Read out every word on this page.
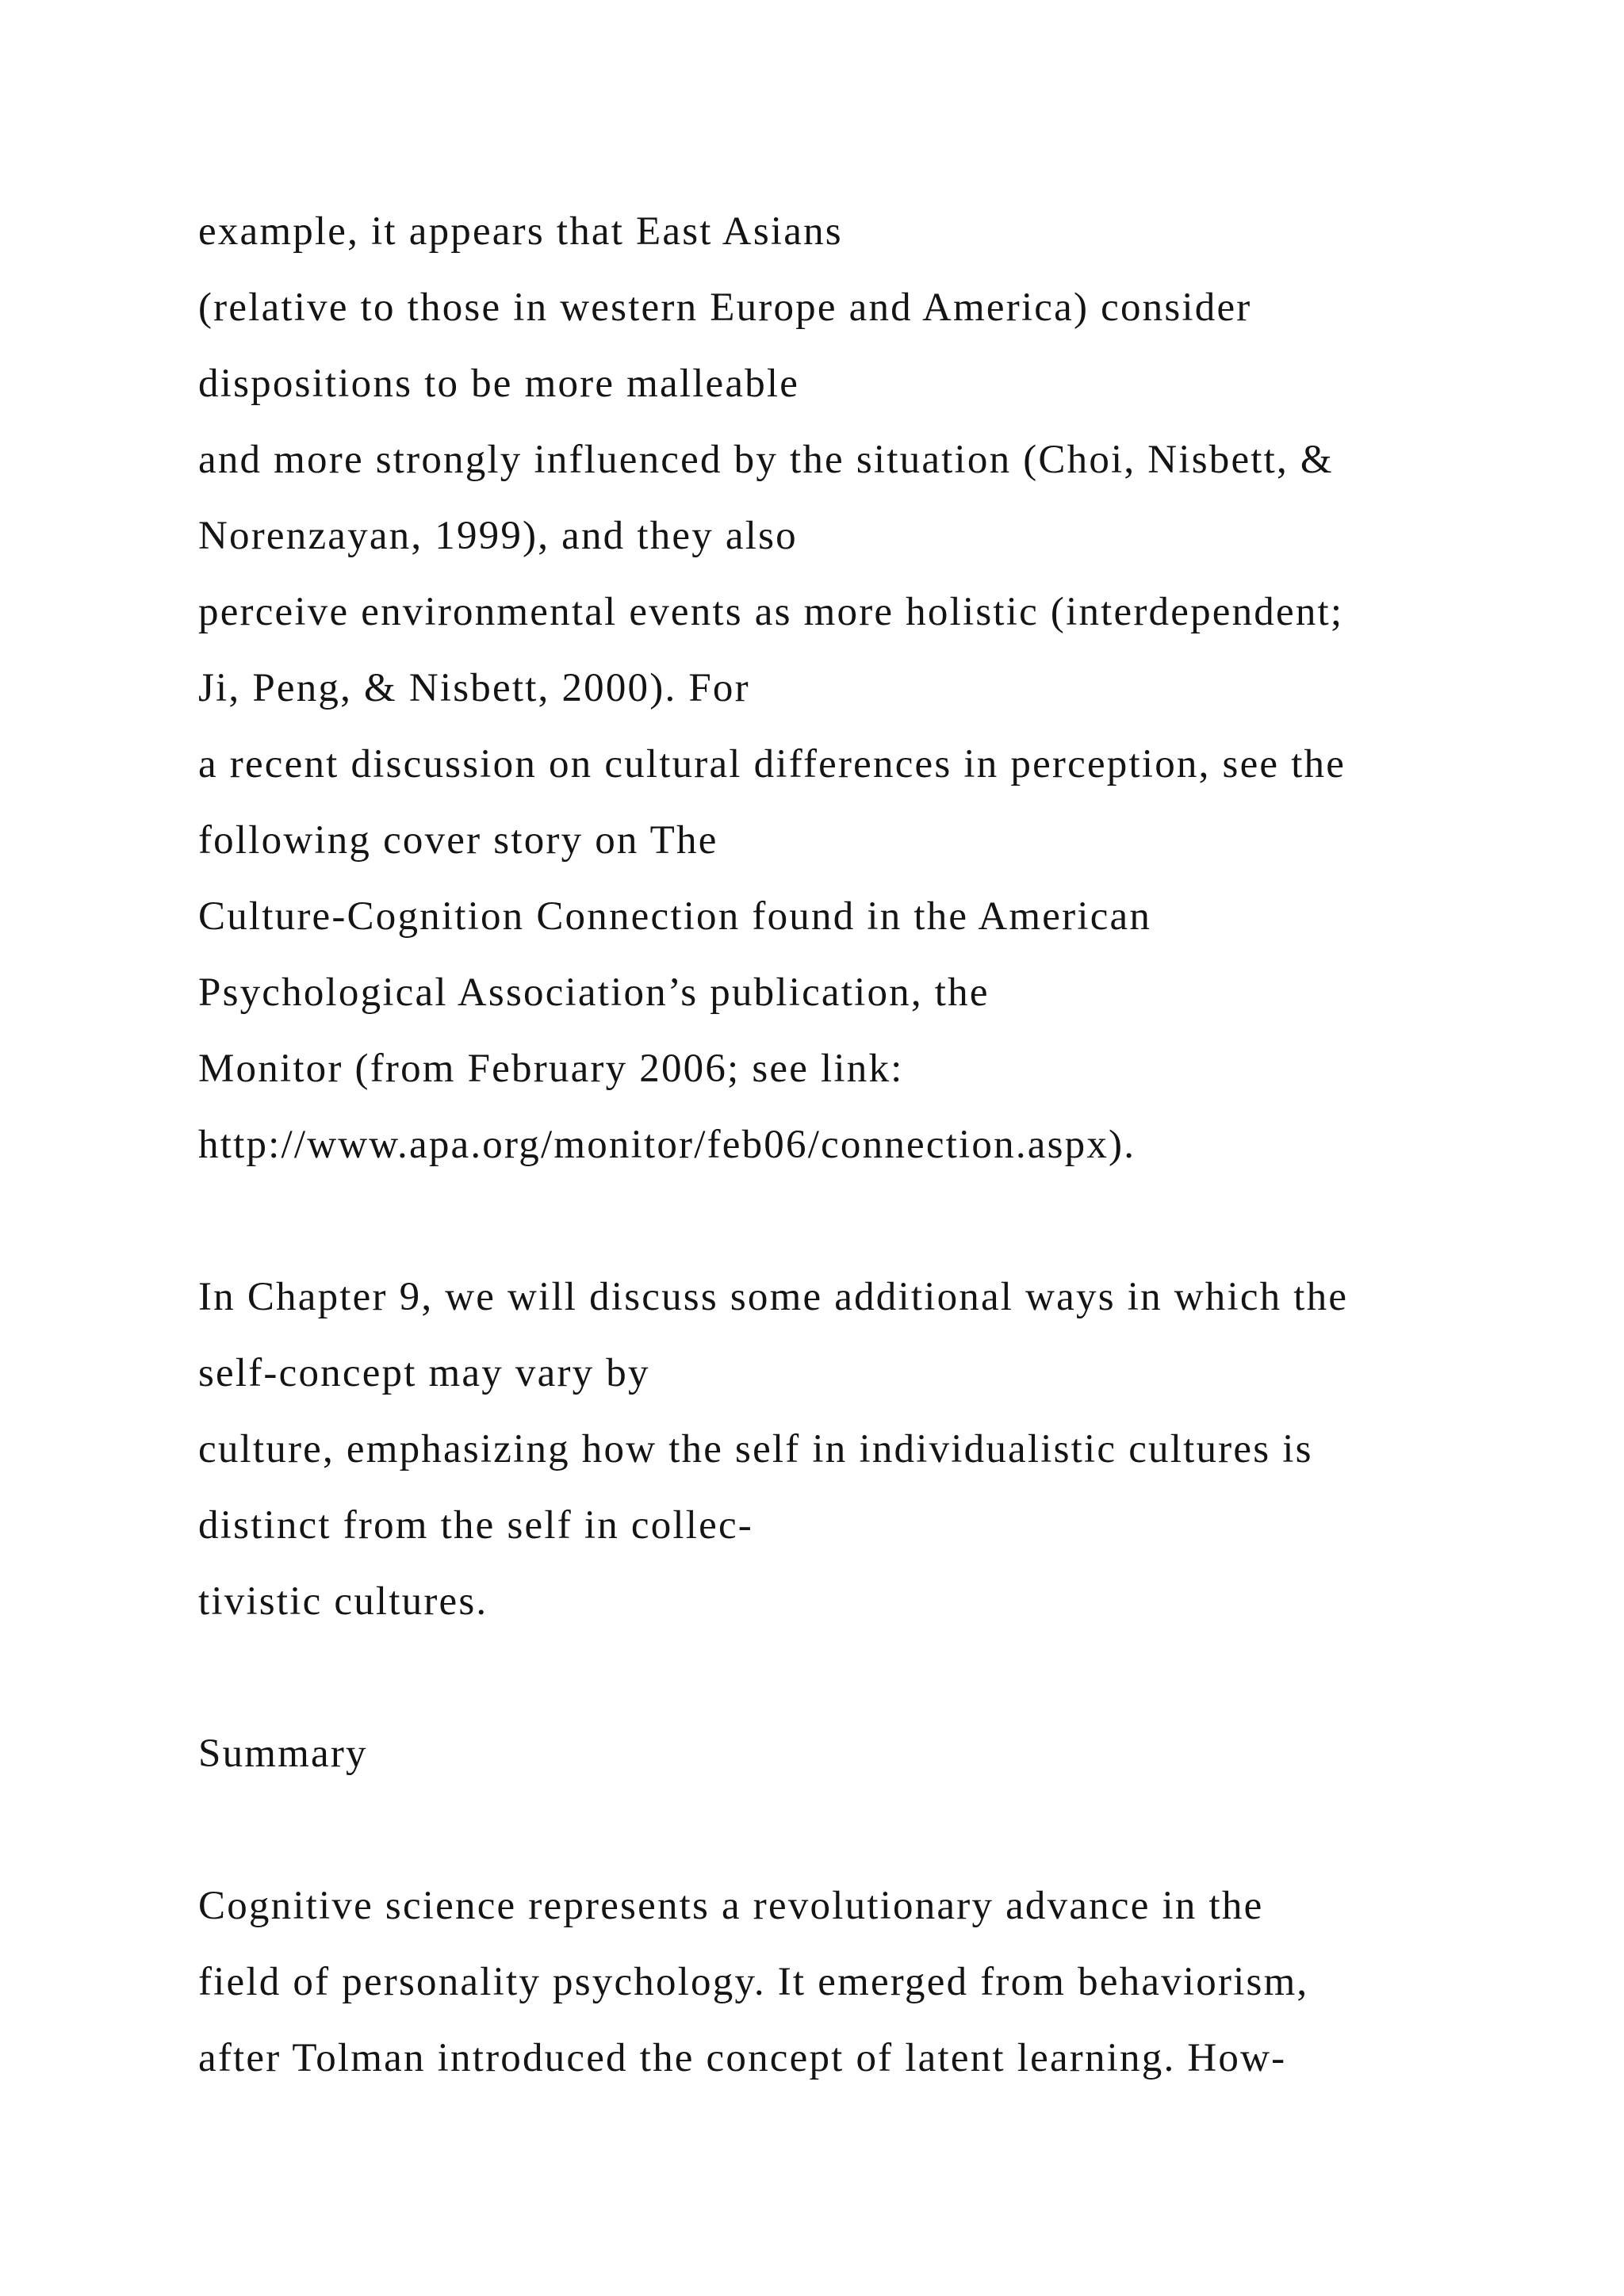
example, it appears that East Asians
(relative to those in western Europe and America) consider
dispositions to be more malleable
and more strongly influenced by the situation (Choi, Nisbett, &
Norenzayan, 1999), and they also
perceive environmental events as more holistic (interdependent;
Ji, Peng, & Nisbett, 2000). For
a recent discussion on cultural differences in perception, see the
following cover story on The
Culture-Cognition Connection found in the American
Psychological Association’s publication, the
Monitor (from February 2006; see link:
http://www.apa.org/monitor/feb06/connection.aspx).
In Chapter 9, we will discuss some additional ways in which the
self-concept may vary by
culture, emphasizing how the self in individualistic cultures is
distinct from the self in collec-
tivistic cultures.
Summary
Cognitive science represents a revolutionary advance in the
field of personality psychology. It emerged from behaviorism,
after Tolman introduced the concept of latent learning. How-
